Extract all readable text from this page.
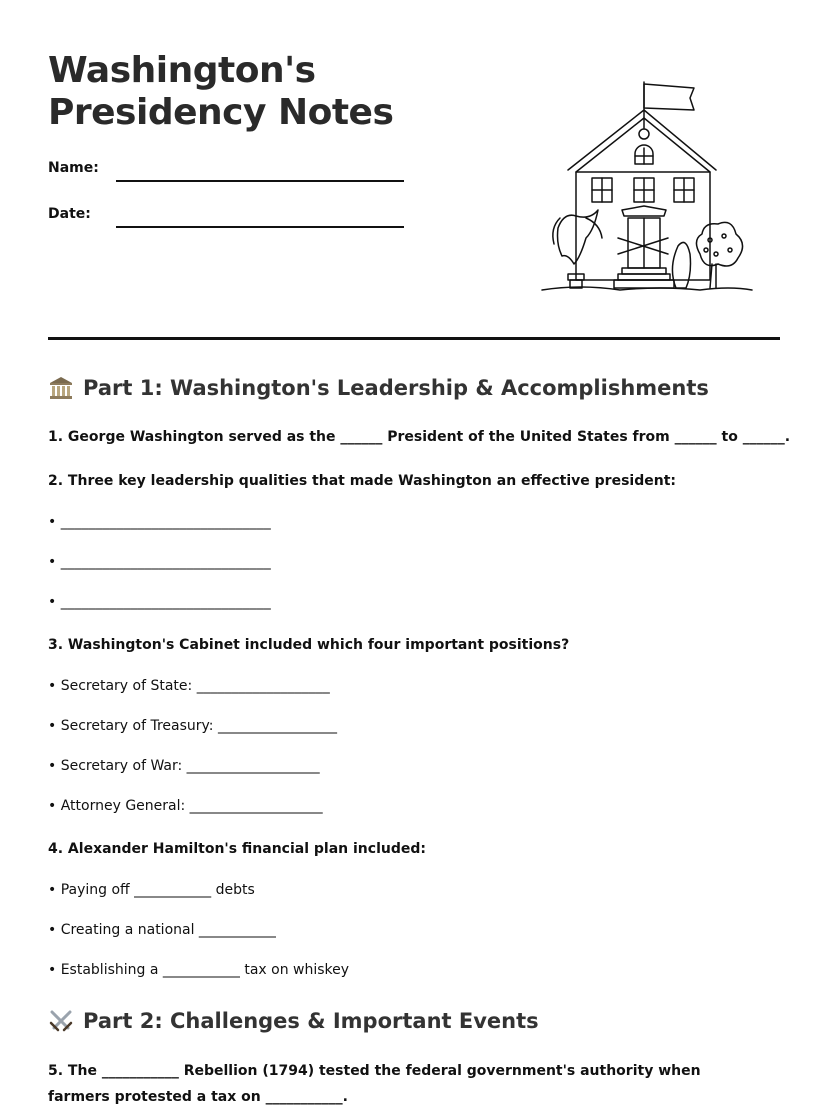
Washington's
Presidency Notes
Name:
Date:
Part 1: Washington's Leadership & Accomplishments
1. George Washington served as the ______ President of the United States from ______ to ______.
2. Three key leadership qualities that made Washington an effective president:
• ______________________________
• ______________________________
• ______________________________
3. Washington's Cabinet included which four important positions?
• Secretary of State: ___________________
• Secretary of Treasury: _________________
• Secretary of War: ___________________
• Attorney General: ___________________
4. Alexander Hamilton's financial plan included:
• Paying off ___________ debts
• Creating a national ___________
• Establishing a ___________ tax on whiskey
Part 2: Challenges & Important Events
5. The ___________ Rebellion (1794) tested the federal government's authority when farmers protested a tax on ___________.
